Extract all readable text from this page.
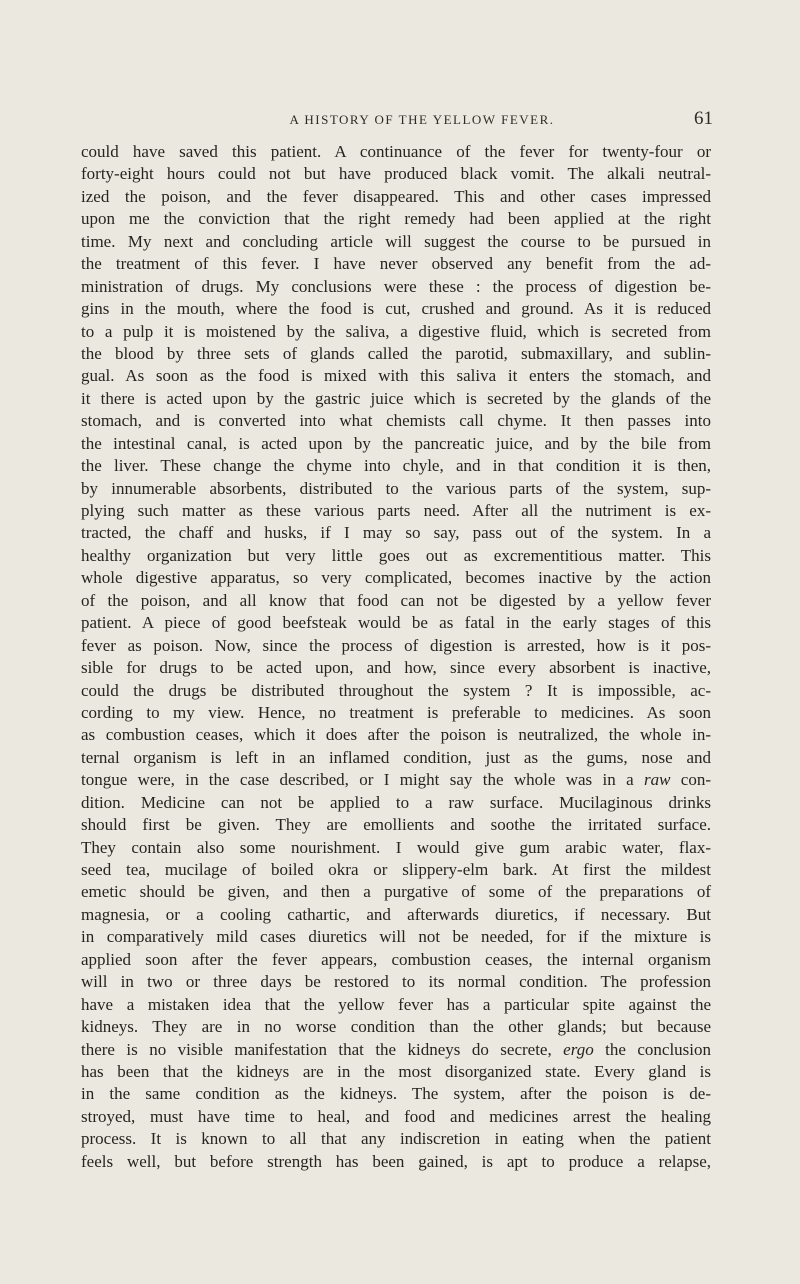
A HISTORY OF THE YELLOW FEVER.	61
could have saved this patient. A continuance of the fever for twenty-four or
forty-eight hours could not but have produced black vomit. The alkali neutral-
ized the poison, and the fever disappeared. This and other cases impressed
upon me the conviction that the right remedy had been applied at the right
time. My next and concluding article will suggest the course to be pursued in
the treatment of this fever. I have never observed any benefit from the ad-
ministration of drugs. My conclusions were these : the process of digestion be-
gins in the mouth, where the food is cut, crushed and ground. As it is reduced
to a pulp it is moistened by the saliva, a digestive fluid, which is secreted from
the blood by three sets of glands called the parotid, submaxillary, and sublin-
gual. As soon as the food is mixed with this saliva it enters the stomach, and
it there is acted upon by the gastric juice which is secreted by the glands of the
stomach, and is converted into what chemists call chyme. It then passes into
the intestinal canal, is acted upon by the pancreatic juice, and by the bile from
the liver. These change the chyme into chyle, and in that condition it is then,
by innumerable absorbents, distributed to the various parts of the system, sup-
plying such matter as these various parts need. After all the nutriment is ex-
tracted, the chaff and husks, if I may so say, pass out of the system. In a
healthy organization but very little goes out as excrementitious matter. This
whole digestive apparatus, so very complicated, becomes inactive by the action
of the poison, and all know that food can not be digested by a yellow fever
patient. A piece of good beefsteak would be as fatal in the early stages of this
fever as poison. Now, since the process of digestion is arrested, how is it pos-
sible for drugs to be acted upon, and how, since every absorbent is inactive,
could the drugs be distributed throughout the system ? It is impossible, ac-
cording to my view. Hence, no treatment is preferable to medicines. As soon
as combustion ceases, which it does after the poison is neutralized, the whole in-
ternal organism is left in an inflamed condition, just as the gums, nose and
tongue were, in the case described, or I might say the whole was in a raw con-
dition. Medicine can not be applied to a raw surface. Mucilaginous drinks
should first be given. They are emollients and soothe the irritated surface.
They contain also some nourishment. I would give gum arabic water, flax-
seed tea, mucilage of boiled okra or slippery-elm bark. At first the mildest
emetic should be given, and then a purgative of some of the preparations of
magnesia, or a cooling cathartic, and afterwards diuretics, if necessary. But
in comparatively mild cases diuretics will not be needed, for if the mixture is
applied soon after the fever appears, combustion ceases, the internal organism
will in two or three days be restored to its normal condition. The profession
have a mistaken idea that the yellow fever has a particular spite against the
kidneys. They are in no worse condition than the other glands; but because
there is no visible manifestation that the kidneys do secrete, ergo the conclusion
has been that the kidneys are in the most disorganized state. Every gland is
in the same condition as the kidneys. The system, after the poison is de-
stroyed, must have time to heal, and food and medicines arrest the healing
process. It is known to all that any indiscretion in eating when the patient
feels well, but before strength has been gained, is apt to produce a relapse,
